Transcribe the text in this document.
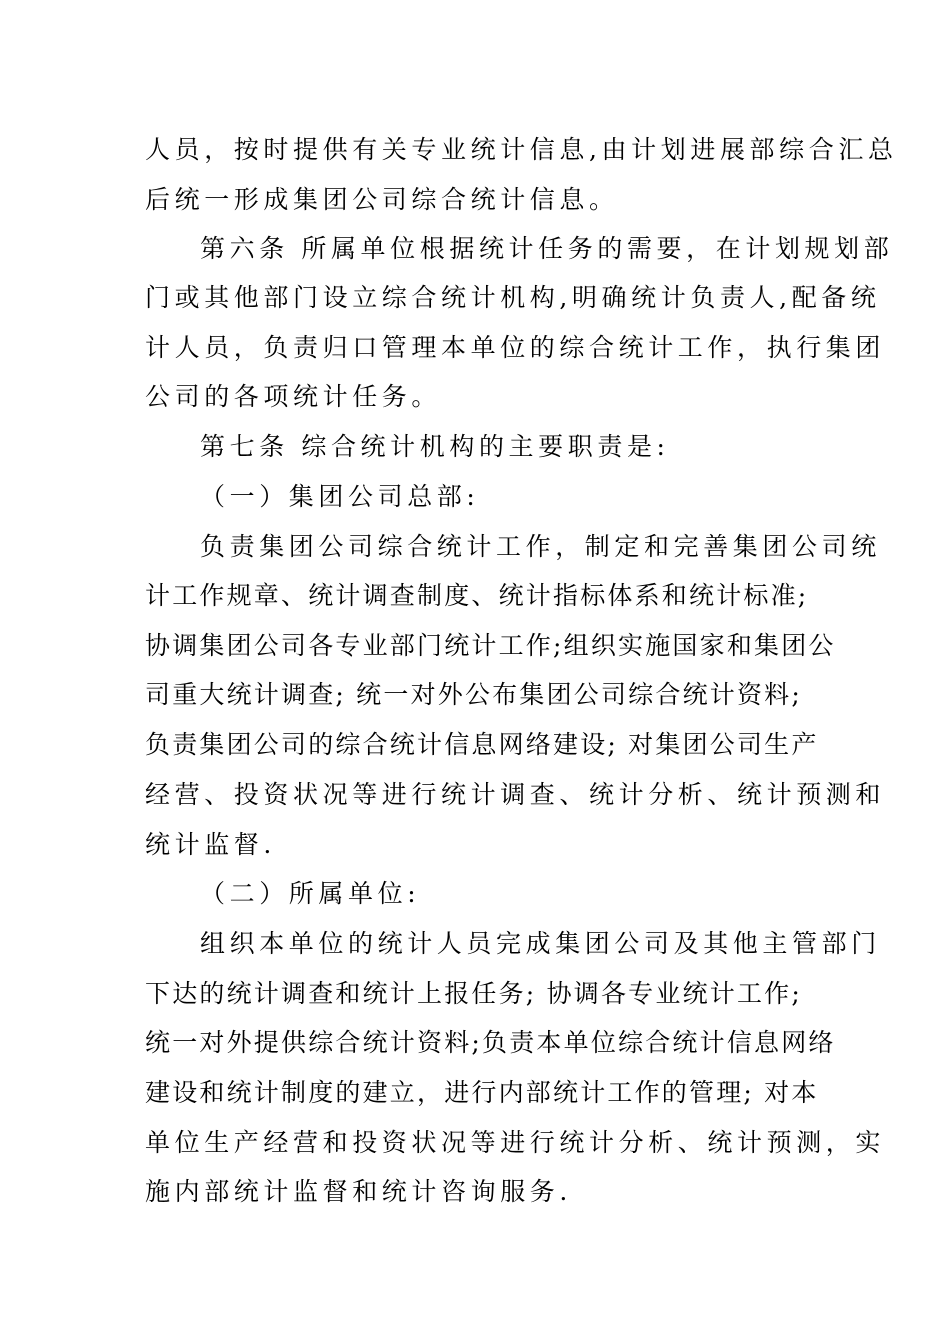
人员，按时提供有关专业统计信息,由计划进展部综合汇总
后统一形成集团公司综合统计信息。
第六条 所属单位根据统计任务的需要，在计划规划部
门或其他部门设立综合统计机构,明确统计负责人,配备统
计人员，负责归口管理本单位的综合统计工作，执行集团
公司的各项统计任务。
第七条 综合统计机构的主要职责是:
（一）集团公司总部:
负责集团公司综合统计工作，制定和完善集团公司统
计工作规章、统计调查制度、统计指标体系和统计标准;
协调集团公司各专业部门统计工作;组织实施国家和集团公
司重大统计调查; 统一对外公布集团公司综合统计资料;
负责集团公司的综合统计信息网络建设; 对集团公司生产
经营、投资状况等进行统计调查、统计分析、统计预测和
统计监督.
（二）所属单位:
组织本单位的统计人员完成集团公司及其他主管部门
下达的统计调查和统计上报任务; 协调各专业统计工作;
统一对外提供综合统计资料;负责本单位综合统计信息网络
建设和统计制度的建立，进行内部统计工作的管理; 对本
单位生产经营和投资状况等进行统计分析、统计预测，实
施内部统计监督和统计咨询服务.
